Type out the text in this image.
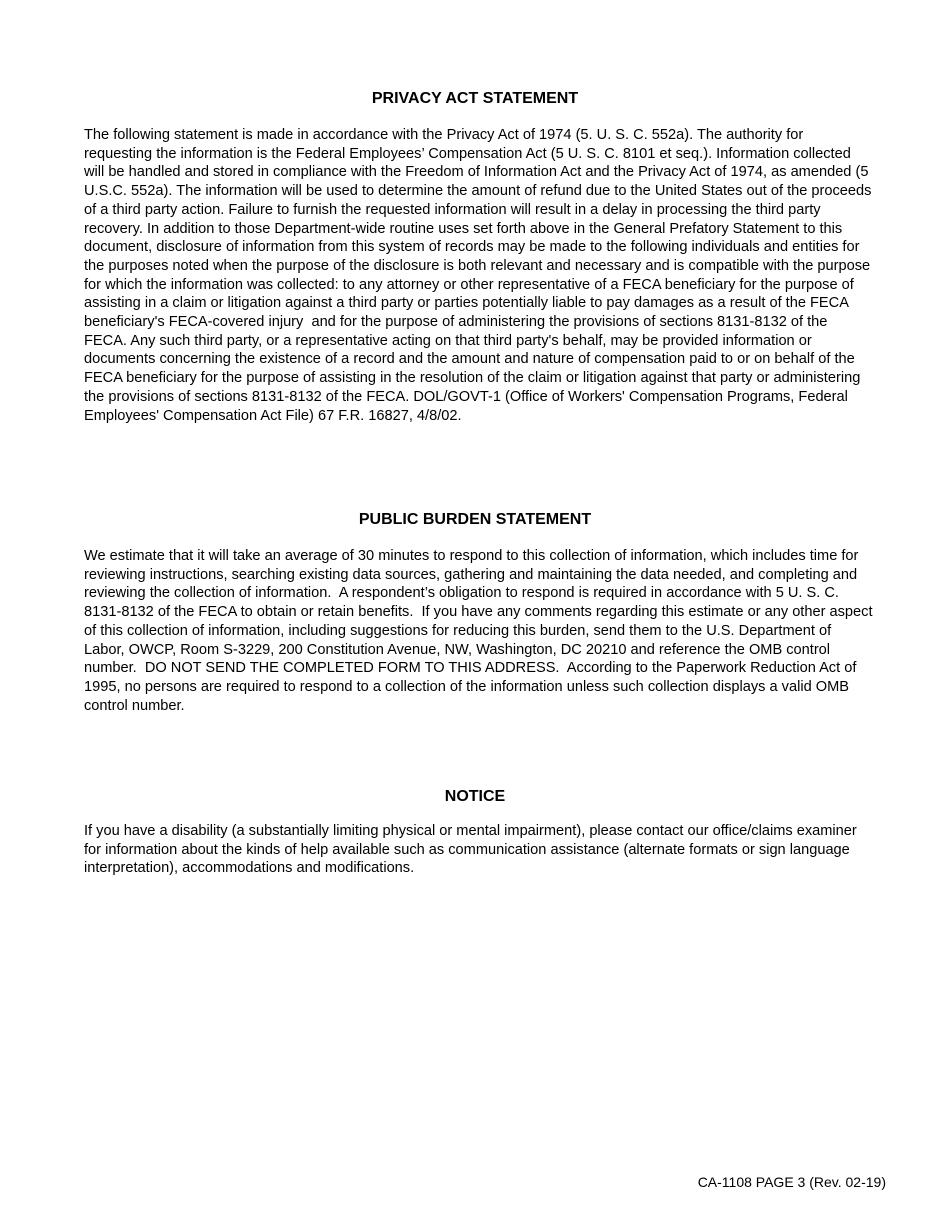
PRIVACY ACT STATEMENT

The following statement is made in accordance with the Privacy Act of 1974 (5. U. S. C. 552a). The authority for requesting the information is the Federal Employees’ Compensation Act (5 U. S. C. 8101 et seq.). Information collected will be handled and stored in compliance with the Freedom of Information Act and the Privacy Act of 1974, as amended (5 U.S.C. 552a). The information will be used to determine the amount of refund due to the United States out of the proceeds of a third party action. Failure to furnish the requested information will result in a delay in processing the third party recovery. In addition to those Department-wide routine uses set forth above in the General Prefatory Statement to this document, disclosure of information from this system of records may be made to the following individuals and entities for the purposes noted when the purpose of the disclosure is both relevant and necessary and is compatible with the purpose for which the information was collected: to any attorney or other representative of a FECA beneficiary for the purpose of assisting in a claim or litigation against a third party or parties potentially liable to pay damages as a result of the FECA beneficiary's FECA-covered injury  and for the purpose of administering the provisions of sections 8131-8132 of the FECA. Any such third party, or a representative acting on that third party's behalf, may be provided information or documents concerning the existence of a record and the amount and nature of compensation paid to or on behalf of the FECA beneficiary for the purpose of assisting in the resolution of the claim or litigation against that party or administering the provisions of sections 8131-8132 of the FECA. DOL/GOVT-1 (Office of Workers' Compensation Programs, Federal Employees' Compensation Act File) 67 F.R. 16827, 4/8/02.

PUBLIC BURDEN STATEMENT

We estimate that it will take an average of 30 minutes to respond to this collection of information, which includes time for reviewing instructions, searching existing data sources, gathering and maintaining the data needed, and completing and reviewing the collection of information.  A respondent’s obligation to respond is required in accordance with 5 U. S. C. 8131-8132 of the FECA to obtain or retain benefits.  If you have any comments regarding this estimate or any other aspect of this collection of information, including suggestions for reducing this burden, send them to the U.S. Department of Labor, OWCP, Room S-3229, 200 Constitution Avenue, NW, Washington, DC 20210 and reference the OMB control number.  DO NOT SEND THE COMPLETED FORM TO THIS ADDRESS.  According to the Paperwork Reduction Act of 1995, no persons are required to respond to a collection of the information unless such collection displays a valid OMB control number.

NOTICE

If you have a disability (a substantially limiting physical or mental impairment), please contact our office/claims examiner for information about the kinds of help available such as communication assistance (alternate formats or sign language interpretation), accommodations and modifications.

CA-1108 PAGE 3 (Rev. 02-19)
